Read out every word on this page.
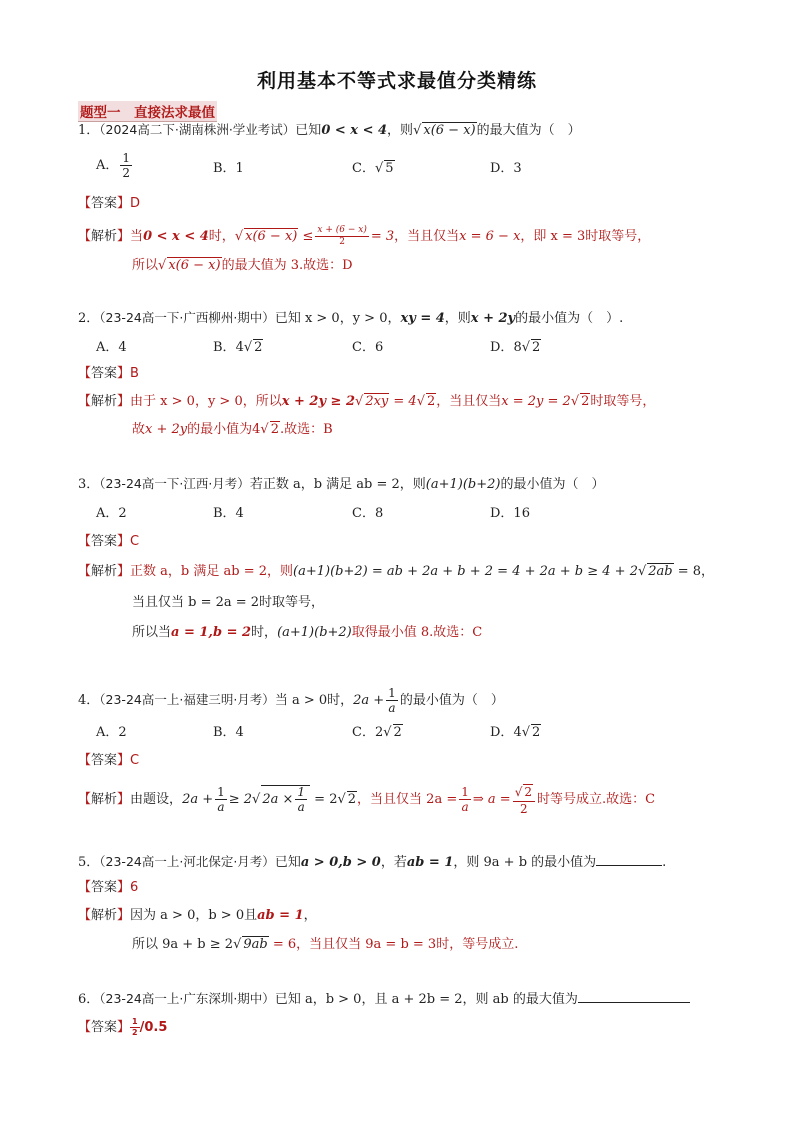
利用基本不等式求最值分类精练
题型一　直接法求最值
1．（2024高二下·湖南株洲·学业考试）已知0 < x < 4，则√ x(6 − x)的最大值为（　）
A． $\frac{1}{2}$	B．1	C．√ 5	D．3
【答案】D
【解析】当0 < x < 4时，√ $x(6 - x) \le \frac{x + (6 - x)}{2} = 3$，当且仅当x = 6 − x，即 x = 3时取等号，
所以√ x(6 − x)的最大值为 3.故选：D
2．（23-24高一下·广西柳州·期中）已知 x > 0，y > 0，xy = 4，则x + 2y的最小值为（　）.
A．4	B．4√ 2	C．6	D．8√ 2
【答案】B
【解析】由于 x > 0，y > 0，所以x + 2y ≥ 2√ 2xy = 4√ 2，当且仅当x = 2y = 2√ 2时取等号，
故x + 2y的最小值为4√ 2.故选：B
3．（23-24高一下·江西·月考）若正数 a，b 满足 ab = 2，则(a+1)(b+2)的最小值为（　）
A．2	B．4	C．8	D．16
【答案】C
【解析】正数 a，b 满足 ab = 2，则(a+1)(b+2) = ab + 2a + b + 2 = 4 + 2a + b ≥ 4 + 2√ 2ab = 8，
当且仅当 b = 2a = 2时取等号，
所以当a = 1,b = 2时，(a+1)(b+2)取得最小值 8.故选：C
4．（23-24高一上·福建三明·月考）当 a > 0时，$2a + \frac{1}{a}$ 的最小值为（　）
A．2	B．4	C．2√ 2	D．4√ 2
【答案】C
【解析】由题设，$2a + \frac{1}{a} \ge 2√$ $2a \times \frac{1}{a} = 2√$ 2，当且仅当 $2a = \frac{1}{a}$ ⇒ $a = \frac{√ 2}{2}$ 时等号成立.故选：C
5．（23-24高一上·河北保定·月考）已知a > 0,b > 0，若ab = 1，则 9a + b 的最小值为	.
【答案】6
【解析】因为 a > 0，b > 0且ab = 1，
所以 9a + b ≥ 2√ 9ab = 6，当且仅当 9a = b = 3时，等号成立.
6．（23-24高一上·广东深圳·期中）已知 a，b > 0，且 a + 2b = 2，则 ab 的最大值为
【答案】 $\frac{1}{2} /0.5$
